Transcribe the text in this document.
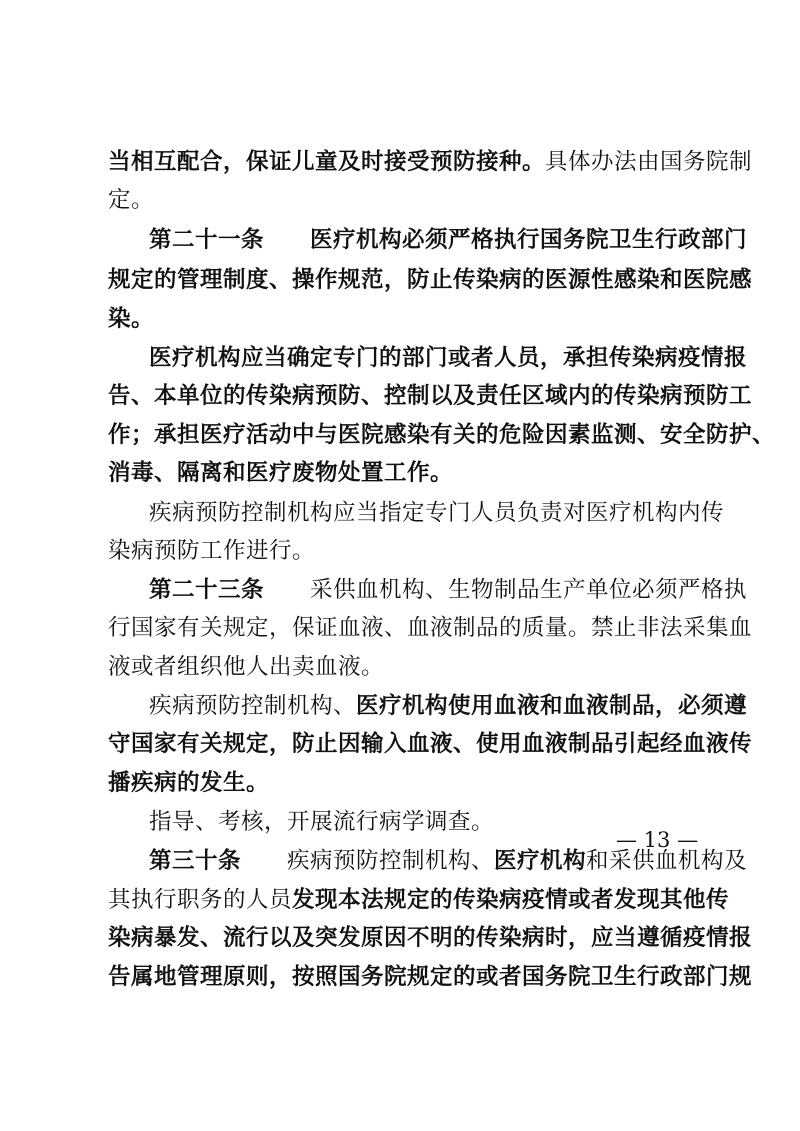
当相互配合，保证儿童及时接受预防接种。具体办法由国务院制
定。
第二十一条　　医疗机构必须严格执行国务院卫生行政部门
规定的管理制度、操作规范，防止传染病的医源性感染和医院感
染。
医疗机构应当确定专门的部门或者人员，承担传染病疫情报
告、本单位的传染病预防、控制以及责任区域内的传染病预防工
作；承担医疗活动中与医院感染有关的危险因素监测、安全防护、
消毒、隔离和医疗废物处置工作。
疾病预防控制机构应当指定专门人员负责对医疗机构内传
染病预防工作进行。
第二十三条　　采供血机构、生物制品生产单位必须严格执
行国家有关规定，保证血液、血液制品的质量。禁止非法采集血
液或者组织他人出卖血液。
疾病预防控制机构、医疗机构使用血液和血液制品，必须遵
守国家有关规定，防止因输入血液、使用血液制品引起经血液传
播疾病的发生。
指导、考核，开展流行病学调查。
第三十条　　疾病预防控制机构、医疗机构和采供血机构及
其执行职务的人员发现本法规定的传染病疫情或者发现其他传
染病暴发、流行以及突发原因不明的传染病时，应当遵循疫情报
告属地管理原则，按照国务院规定的或者国务院卫生行政部门规
— 13 —
